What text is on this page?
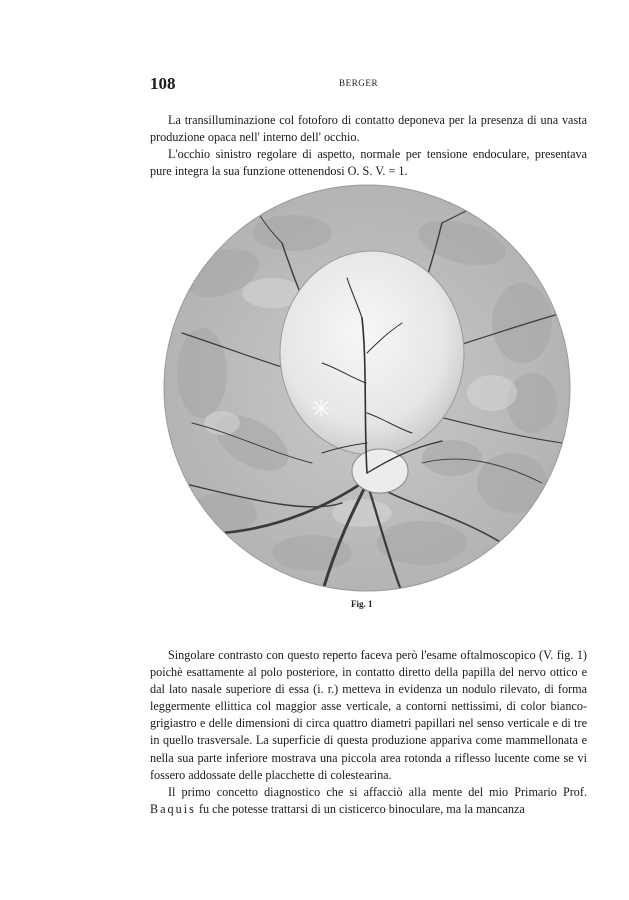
108	BERGER

La transilluminazione col fotoforo di contatto deponeva per la presenza di una vasta produzione opaca nell' interno dell' occhio.
L'occhio sinistro regolare di aspetto, normale per tensione endoculare, presentava pure integra la sua funzione ottenendosi O. S. V. = 1.

Fig. 1

Singolare contrasto con questo reperto faceva però l'esame oftalmoscopico (V. fig. 1) poichè esattamente al polo posteriore, in contatto diretto della papilla del nervo ottico e dal lato nasale superiore di essa (i. r.) metteva in evidenza un nodulo rilevato, di forma leggermente ellittica col maggior asse verticale, a contorni nettissimi, di color bianco-grigiastro e delle dimensioni di circa quattro diametri papillari nel senso verticale e di tre in quello trasversale. La superficie di questa produzione appariva come mammellonata e nella sua parte inferiore mostrava una piccola area rotonda a riflesso lucente come se vi fossero addossate delle placchette di colestearina.
Il primo concetto diagnostico che si affacciò alla mente del mio Primario Prof. Baquis fu che potesse trattarsi di un cisticerco binoculare, ma la mancanza
